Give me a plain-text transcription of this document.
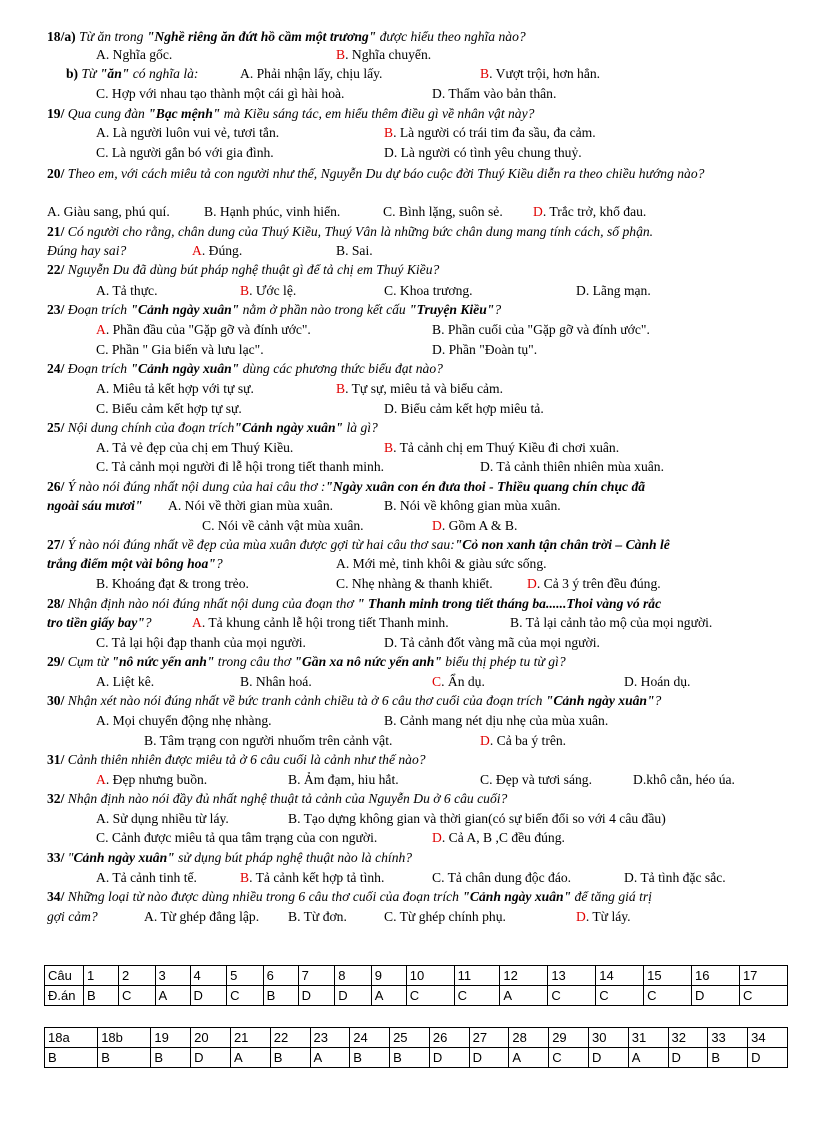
18/a) Từ ăn trong "Nghề riêng ăn đứt hồ cầm một trương" được hiểu theo nghĩa nào?
A. Nghĩa gốc.	B. Nghĩa chuyển.
b) Từ "ăn" có nghĩa là:	A. Phải nhận lấy, chịu lấy.	B. Vượt trội, hơn hẳn.
C. Hợp với nhau tạo thành một cái gì hài hoà.	D. Thấm vào bản thân.
19/ Qua cung đàn "Bạc mệnh" mà Kiều sáng tác, em hiểu thêm điều gì về nhân vật này?
A. Là người luôn vui vẻ, tươi tắn.	B. Là người có trái tim đa sầu, đa cảm.
C. Là người gắn bó với gia đình.	D. Là người có tình yêu chung thuỷ.
20/ Theo em, với cách miêu tả con người như thế, Nguyễn Du dự báo cuộc đời Thuý Kiều diễn ra theo chiều hướng nào?
A. Giàu sang, phú quí.	B. Hạnh phúc, vinh hiển.	C. Bình lặng, suôn sẻ. D. Trắc trở, khổ đau.
21/ Có người cho rằng, chân dung của Thuý Kiều, Thuý Vân là những bức chân dung mang tính cách, số phận.
Đúng hay sai?	A. Đúng.	B. Sai.
22/ Nguyễn Du đã dùng bút pháp nghệ thuật gì để tả chị em Thuý Kiều?
A. Tả thực.	B. Ước lệ.	C. Khoa trương.	D. Lãng mạn.
23/ Đoạn trích "Cảnh ngày xuân" nằm ở phần nào trong kết cấu "Truyện Kiều"?
A. Phần đầu của "Gặp gỡ và đính ước".	B. Phần cuối của "Gặp gỡ và đính ước".
C. Phần " Gia biến và lưu lạc".	D. Phần "Đoàn tụ".
24/ Đoạn trích "Cảnh ngày xuân" dùng các phương thức biểu đạt nào?
A. Miêu tả kết hợp với tự sự.	B. Tự sự, miêu tả và biểu cảm.
C. Biểu cảm kết hợp tự sự.	D. Biểu cảm kết hợp miêu tả.
25/ Nội dung chính của đoạn trích"Cảnh ngày xuân" là gì?
A. Tả vẻ đẹp của chị em Thuý Kiều.	B. Tả cảnh chị em Thuý Kiều đi chơi xuân.
C. Tả cảnh mọi người đi lễ hội trong tiết thanh minh.	D. Tả cảnh thiên nhiên mùa xuân.
26/ Ý nào nói đúng nhất nội dung của hai câu thơ :"Ngày xuân con én đưa thoi - Thiều quang chín chục đã
ngoài sáu mươi" A. Nói về thời gian mùa xuân.	B. Nói về không gian mùa xuân.
C. Nói về cảnh vật mùa xuân.	D. Gồm A & B.
27/ Ý nào nói đúng nhất về đẹp của mùa xuân được gợi từ hai câu thơ sau:"Cỏ non xanh tận chân trời – Cành lê
trắng điểm một vài bông hoa"?	A. Mới mẻ, tinh khôi & giàu sức sống.
B. Khoáng đạt & trong trẻo.	C. Nhẹ nhàng & thanh khiết.	D. Cả 3 ý trên đều đúng.
28/ Nhận định nào nói đúng nhất nội dung của đoạn thơ " Thanh minh trong tiết tháng ba......Thoi vàng vó rắc
tro tiền giấy bay"?	A. Tả khung cảnh lễ hội trong tiết Thanh minh.	B. Tả lại cảnh tảo mộ của mọi người.
C. Tả lại hội đạp thanh của mọi người.	D. Tả cảnh đốt vàng mã của mọi người.
29/ Cụm từ "nô nức yến anh" trong câu thơ "Gần xa nô nức yến anh" biểu thị phép tu từ gì?
A. Liệt kê.	B. Nhân hoá.	C. Ẩn dụ.	D. Hoán dụ.
30/ Nhận xét nào nói đúng nhất về bức tranh cảnh chiều tà ở 6 câu thơ cuối của đoạn trích "Cảnh ngày xuân"?
A. Mọi chuyển động nhẹ nhàng.	B. Cảnh mang nét dịu nhẹ của mùa xuân.
B. Tâm trạng con người nhuốm trên cảnh vật.	D. Cả ba ý trên.
31/ Cảnh thiên nhiên được miêu tả ở 6 câu cuối là cảnh như thế nào?
A. Đẹp nhưng buồn.	B. Ảm đạm, hiu hắt.	C. Đẹp và tươi sáng.	D.khô cằn, héo úa.
32/ Nhận định nào nói đầy đủ nhất nghệ thuật tả cảnh của Nguyễn Du ở 6 câu cuối?
A. Sử dụng nhiều từ láy.	B. Tạo dựng không gian và thời gian(có sự biến đổi so với 4 câu đầu)
C. Cảnh được miêu tả qua tâm trạng của con người.	D. Cả A, B ,C đều đúng.
33/ "Cảnh ngày xuân" sử dụng bút pháp nghệ thuật nào là chính?
A. Tả cảnh tinh tế.	B. Tả cảnh kết hợp tả tình.	C. Tả chân dung độc đáo.	D. Tả tình đặc sắc.
34/ Những loại từ nào được dùng nhiều trong 6 câu thơ cuối của đoạn trích "Cảnh ngày xuân" để tăng giá trị
gợi cảm?	A. Từ ghép đẳng lập. B. Từ đơn.	C. Từ ghép chính phụ.	D. Từ láy.
Câu	1	2	3	4	5	6	7	8	9	10	11	12	13	14	15	16	17
Đ.án	B	C	A	D	C	B	D	D	A	C	C	A	C	C	C	D	C
18a	18b	19	20	21	22	23	24	25	26	27	28	29	30	31	32	33	34
B	B	B	D	A	B	A	B	B	D	D	A	C	D	A	D	B	D
